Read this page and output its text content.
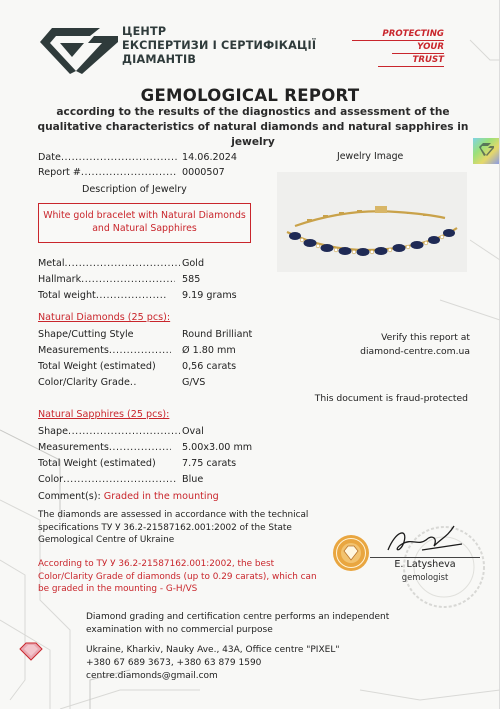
ЦЕНТР
ЕКСПЕРТИЗИ І СЕРТИФІКАЦІЇ
ДІАМАНТІВ
PROTECTING
YOUR
TRUST
GEMOLOGICAL REPORT
according to the results of the diagnostics and assessment of the qualitative characteristics of natural diamonds and natural sapphires in jewelry
Date .....	14.06.2024
Report # .....	0000507
Description of Jewelry
White gold bracelet with Natural Diamonds and Natural Sapphires
Jewelry Image
Metal .....	Gold
Hallmark .....	585
Total weight .....	9.19 grams
Natural Diamonds (25 pcs):
Shape/Cutting Style	Round Brilliant
Measurements .....	Ø 1.80 mm
Total Weight (estimated)	0,56 carats
Color/Clarity Grade .....	G/VS
Verify this report at
diamond-centre.com.ua
This document is fraud-protected
Natural Sapphires (25 pcs):
Shape .....	Oval
Measurements .....	5.00x3.00 mm
Total Weight (estimated)	7.75 carats
Color .....	Blue
Comment(s): Graded in the mounting
The diamonds are assessed in accordance with the technical specifications ТУ У 36.2-21587162.001:2002 of the State Gemological Centre of Ukraine
According to ТУ У 36.2-21587162.001:2002, the best Color/Clarity Grade of diamonds (up to 0.29 carats), which can be graded in the mounting - G-H/VS
E. Latysheva
gemologist
Diamond grading and certification centre performs an independent examination with no commercial purpose
Ukraine, Kharkiv, Nauky Ave., 43A, Office centre "PIXEL"
+380 67 689 3673, +380 63 879 1590
centre.diamonds@gmail.com
